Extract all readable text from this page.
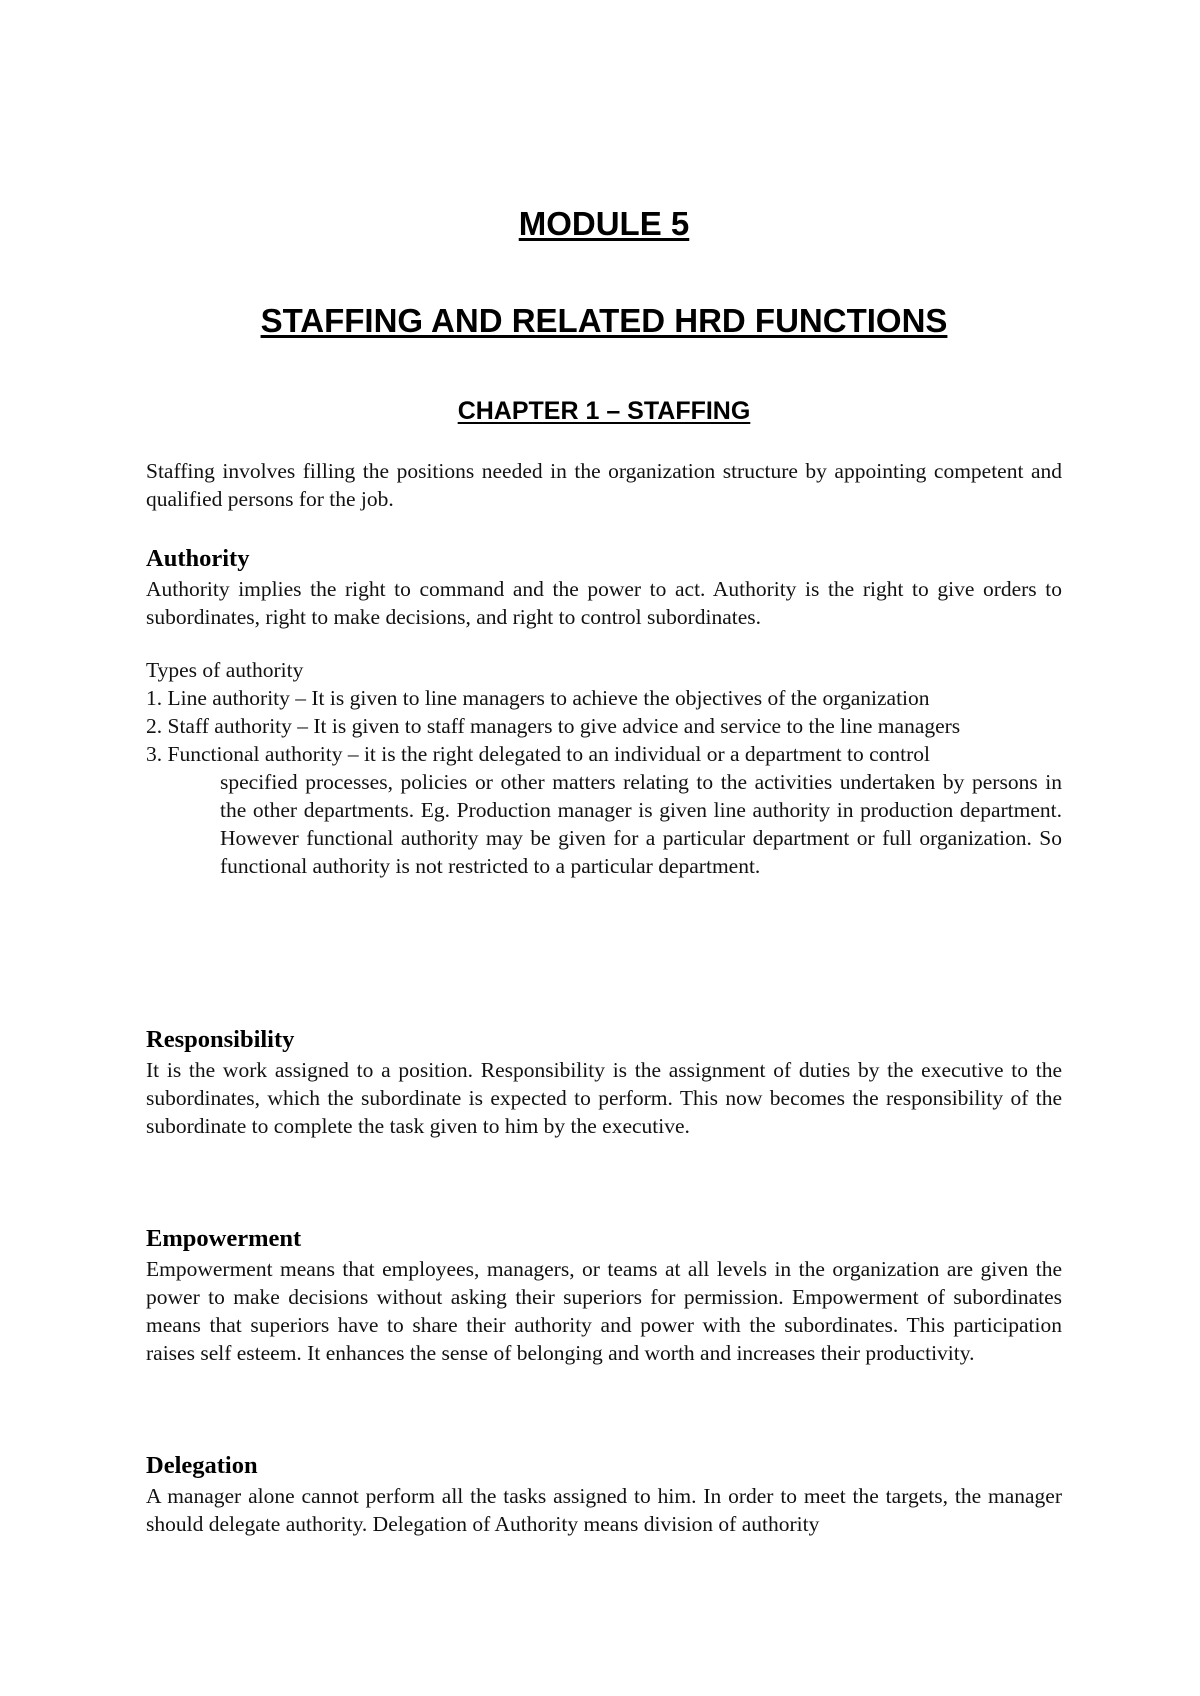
MODULE 5
STAFFING AND RELATED HRD FUNCTIONS
CHAPTER 1 – STAFFING

Staffing involves filling the positions needed in the organization structure by appointing competent and qualified persons for the job.

Authority

Authority implies the right to command and the power to act. Authority is the right to give orders to subordinates, right to make decisions, and right to control subordinates.

Types of authority

1. Line authority – It is given to line managers to achieve the objectives of the organization

2. Staff authority – It is given to staff managers to give advice and service to the line managers

3. Functional authority – it is the right delegated to an individual or a department to control

specified processes, policies or other matters relating to the activities undertaken by persons in the other departments. Eg. Production manager is given line authority in production department. However functional authority may be given for a particular department or full organization. So functional authority is not restricted to a particular department.

Responsibility

It is the work assigned to a position. Responsibility is the assignment of duties by the executive to the subordinates, which the subordinate is expected to perform. This now becomes the responsibility of the subordinate to complete the task given to him by the executive.

Empowerment

Empowerment means that employees, managers, or teams at all levels in the organization are given the power to make decisions without asking their superiors for permission. Empowerment of subordinates means that superiors have to share their authority and power with the subordinates. This participation raises self esteem. It enhances the sense of belonging and worth and increases their productivity.

Delegation

A manager alone cannot perform all the tasks assigned to him. In order to meet the targets, the manager should delegate authority. Delegation of Authority means division of authority
